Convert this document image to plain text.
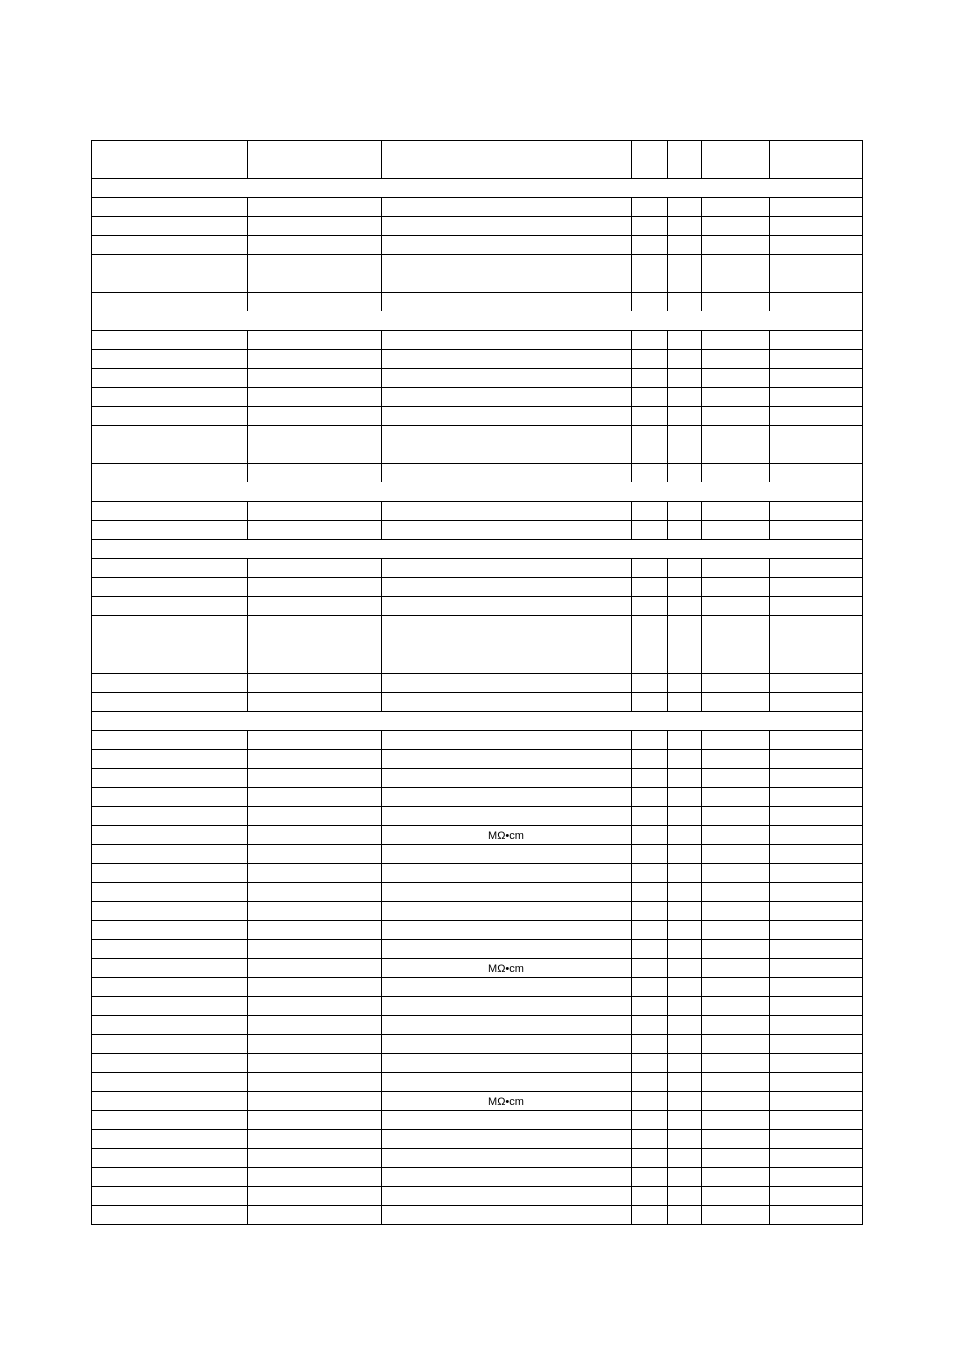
MΩ•cm
MΩ•cm
MΩ•cm
